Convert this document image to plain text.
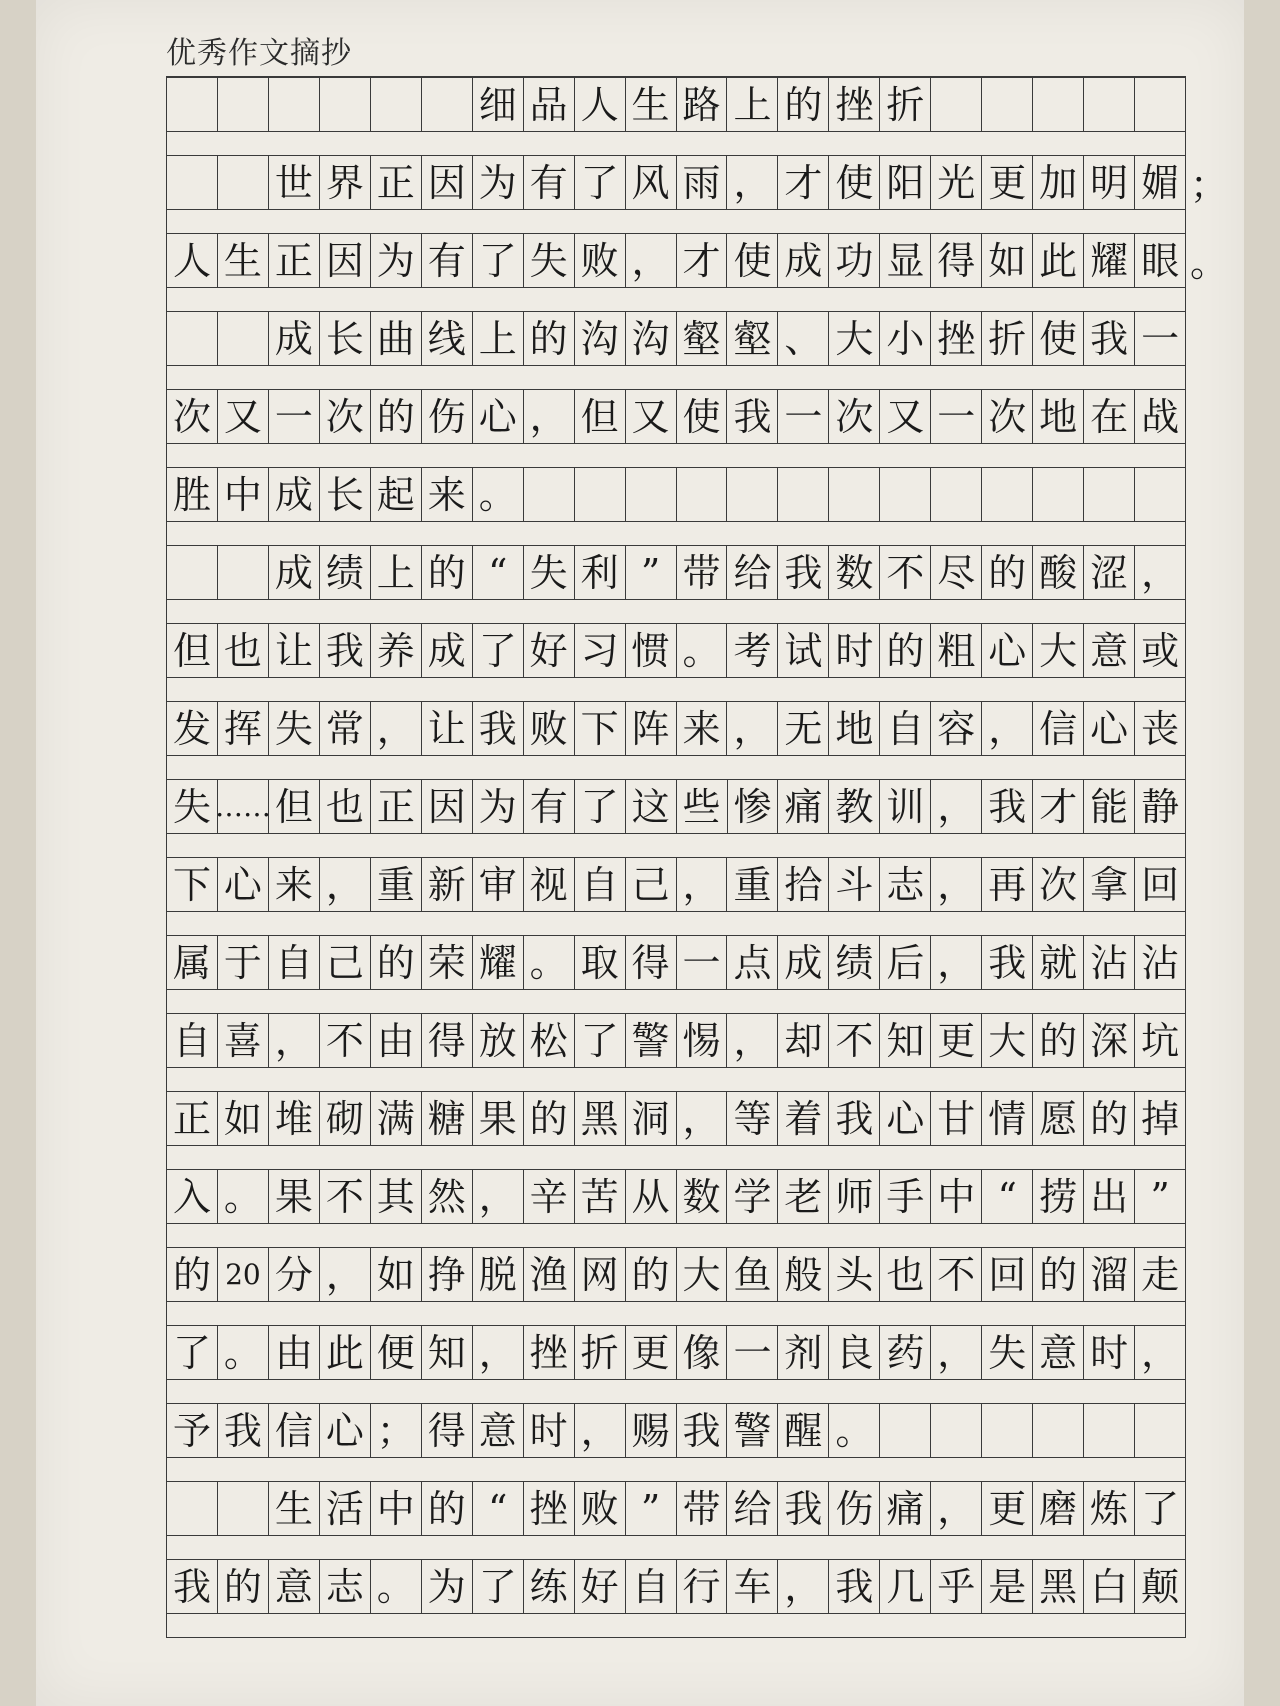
优秀作文摘抄
细 品 人 生 路 上 的 挫 折
世 界 正 因 为 有 了 风 雨 ， 才 使 阳 光 更 加 明 媚 ；
人 生 正 因 为 有 了 失 败 ， 才 使 成 功 显 得 如 此 耀 眼 。
成 长 曲 线 上 的 沟 沟 壑 壑 、 大 小 挫 折 使 我 一
次 又 一 次 的 伤 心 ， 但 又 使 我 一 次 又 一 次 地 在 战
胜 中 成 长 起 来 。
成 绩 上 的 “ 失 利 ” 带 给 我 数 不 尽 的 酸 涩 ，
但 也 让 我 养 成 了 好 习 惯 。 考 试 时 的 粗 心 大 意 或
发 挥 失 常 ， 让 我 败 下 阵 来 ， 无 地 自 容 ， 信 心 丧
失 …… 但 也 正 因 为 有 了 这 些 惨 痛 教 训 ， 我 才 能 静
下 心 来 ， 重 新 审 视 自 己 ， 重 拾 斗 志 ， 再 次 拿 回
属 于 自 己 的 荣 耀 。 取 得 一 点 成 绩 后 ， 我 就 沾 沾
自 喜 ， 不 由 得 放 松 了 警 惕 ， 却 不 知 更 大 的 深 坑
正 如 堆 砌 满 糖 果 的 黑 洞 ， 等 着 我 心 甘 情 愿 的 掉
入 。 果 不 其 然 ， 辛 苦 从 数 学 老 师 手 中 “ 捞 出 ”
的 20 分 ， 如 挣 脱 渔 网 的 大 鱼 般 头 也 不 回 的 溜 走
了 。 由 此 便 知 ， 挫 折 更 像 一 剂 良 药 ， 失 意 时 ，
予 我 信 心 ； 得 意 时 ， 赐 我 警 醒 。
生 活 中 的 “ 挫 败 ” 带 给 我 伤 痛 ， 更 磨 炼 了
我 的 意 志 。 为 了 练 好 自 行 车 ， 我 几 乎 是 黑 白 颠
